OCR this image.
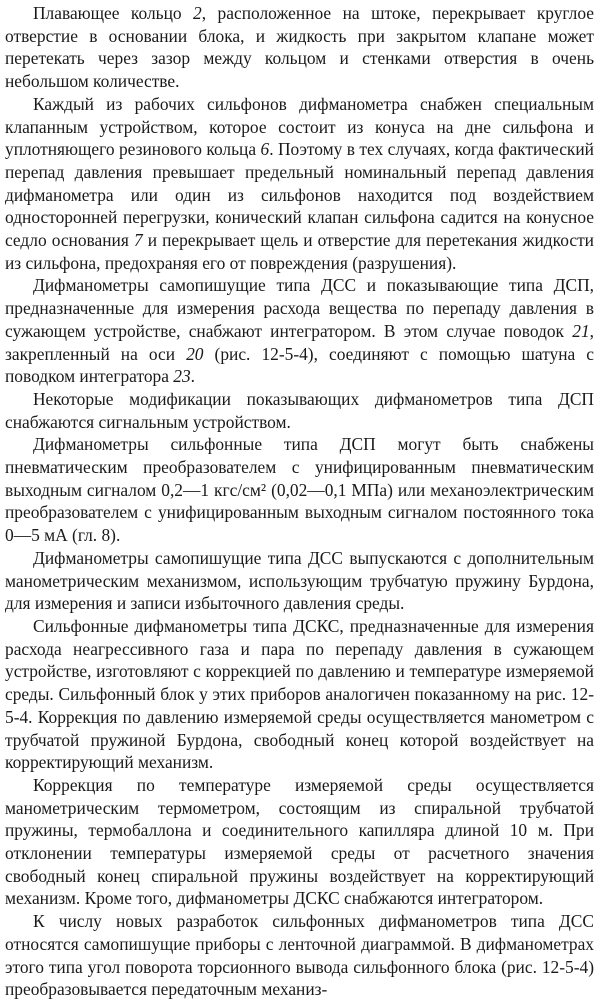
Плавающее кольцо 2, расположенное на штоке, перекрывает круглое отверстие в основании блока, и жидкость при закрытом клапане может перетекать через зазор между кольцом и стенками отверстия в очень небольшом количестве.

Каждый из рабочих сильфонов дифманометра снабжен специальным клапанным устройством, которое состоит из конуса на дне сильфона и уплотняющего резинового кольца 6. Поэтому в тех случаях, когда фактический перепад давления превышает предельный номинальный перепад давления дифманометра или один из сильфонов находится под воздействием односторонней перегрузки, конический клапан сильфона садится на конусное седло основания 7 и перекрывает щель и отверстие для перетекания жидкости из сильфона, предохраняя его от повреждения (разрушения).

Дифманометры самопишущие типа ДСС и показывающие типа ДСП, предназначенные для измерения расхода вещества по перепаду давления в сужающем устройстве, снабжают интегратором. В этом случае поводок 21, закрепленный на оси 20 (рис. 12-5-4), соединяют с помощью шатуна с поводком интегратора 23.

Некоторые модификации показывающих дифманометров типа ДСП снабжаются сигнальным устройством.

Дифманометры сильфонные типа ДСП могут быть снабжены пневматическим преобразователем с унифицированным пневматическим выходным сигналом 0,2—1 кгс/см² (0,02—0,1 МПа) или механоэлектрическим преобразователем с унифицированным выходным сигналом постоянного тока 0—5 мА (гл. 8).

Дифманометры самопишущие типа ДСС выпускаются с дополнительным манометрическим механизмом, использующим трубчатую пружину Бурдона, для измерения и записи избыточного давления среды.

Сильфонные дифманометры типа ДСКС, предназначенные для измерения расхода неагрессивного газа и пара по перепаду давления в сужающем устройстве, изготовляют с коррекцией по давлению и температуре измеряемой среды. Сильфонный блок у этих приборов аналогичен показанному на рис. 12-5-4. Коррекция по давлению измеряемой среды осуществляется манометром с трубчатой пружиной Бурдона, свободный конец которой воздействует на корректирующий механизм.

Коррекция по температуре измеряемой среды осуществляется манометрическим термометром, состоящим из спиральной трубчатой пружины, термобаллона и соединительного капилляра длиной 10 м. При отклонении температуры измеряемой среды от расчетного значения свободный конец спиральной пружины воздействует на корректирующий механизм. Кроме того, дифманометры ДСКС снабжаются интегратором.

К числу новых разработок сильфонных дифманометров типа ДСС относятся самопишущие приборы с ленточной диаграммой. В дифманометрах этого типа угол поворота торсионного вывода сильфонного блока (рис. 12-5-4) преобразовывается передаточным механиз-
